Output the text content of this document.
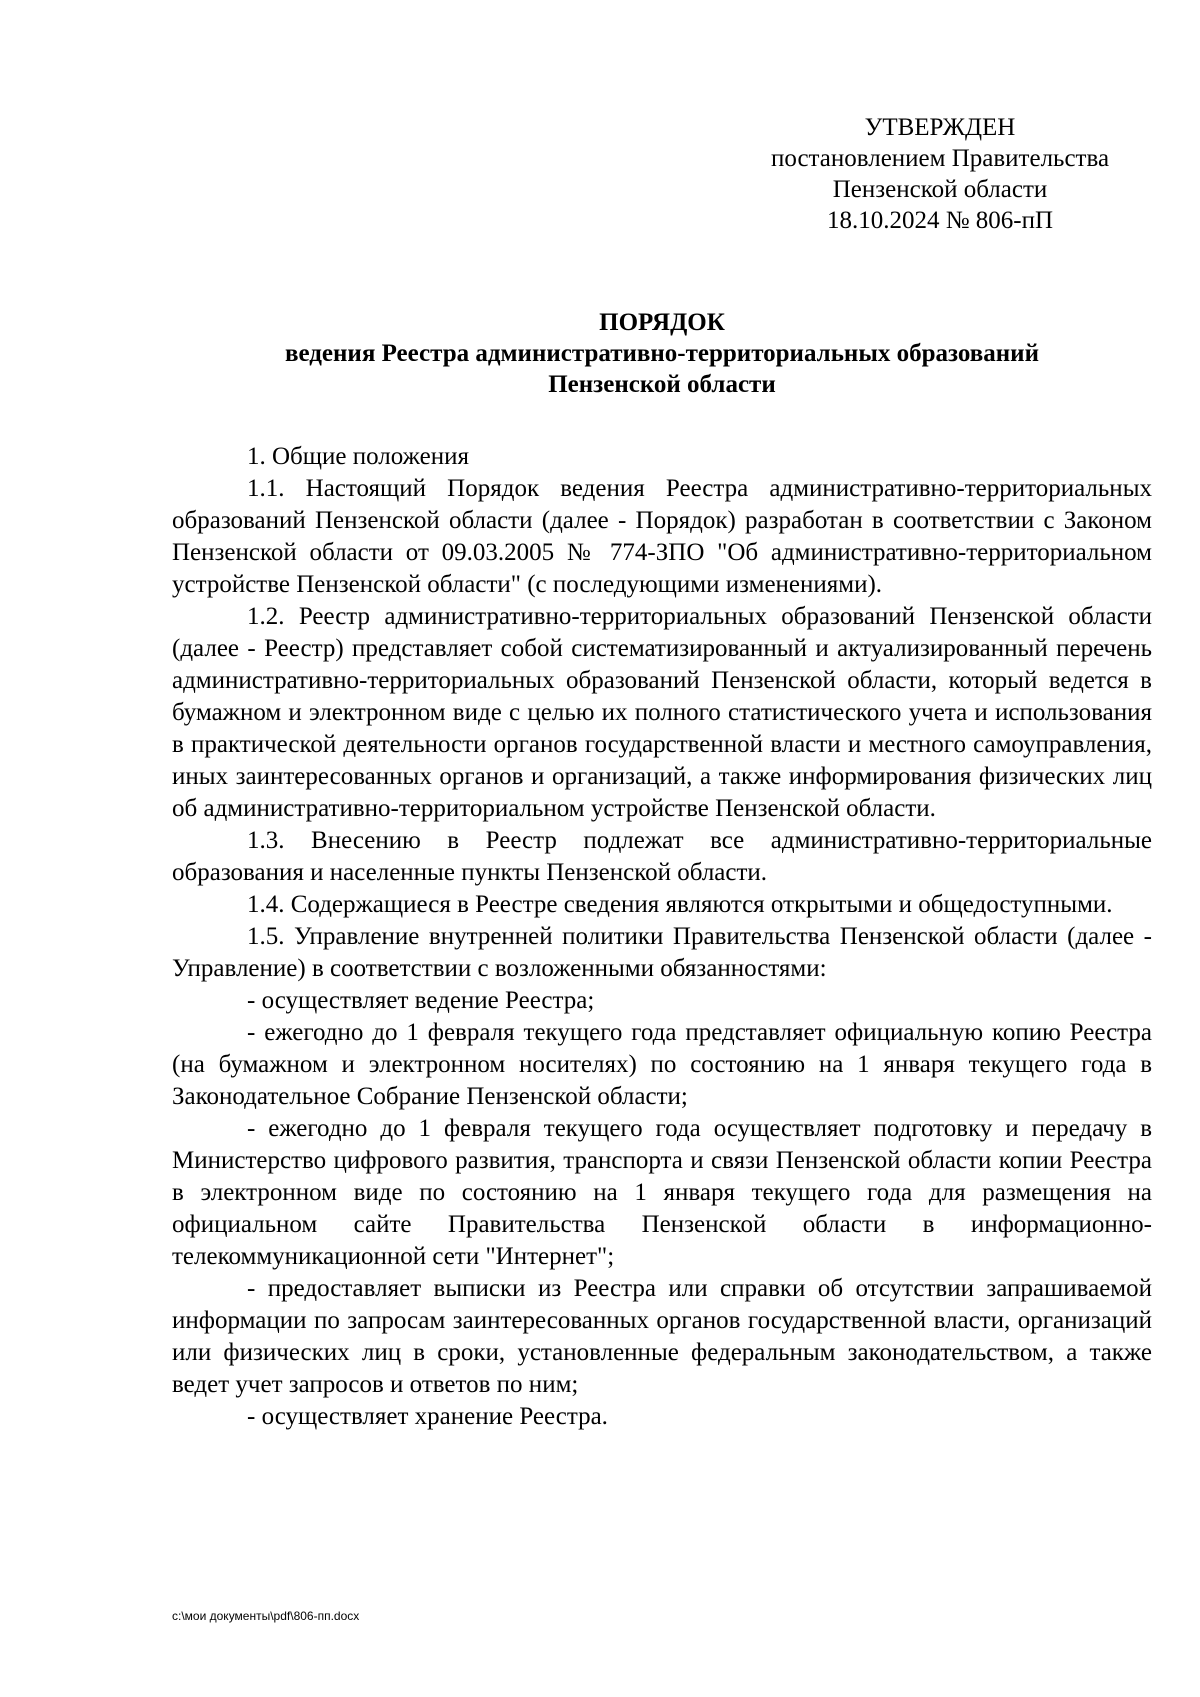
УТВЕРЖДЕН
постановлением Правительства
Пензенской области
18.10.2024 № 806-пП
ПОРЯДОК
ведения Реестра административно-территориальных образований
Пензенской области

1. Общие положения

1.1. Настоящий Порядок ведения Реестра административно-территориальных образований Пензенской области (далее - Порядок) разработан в соответствии с Законом Пензенской области от 09.03.2005 № 774-ЗПО "Об административно-территориальном устройстве Пензенской области" (с последующими изменениями).

1.2. Реестр административно-территориальных образований Пензенской области (далее - Реестр) представляет собой систематизированный и актуализированный перечень административно-территориальных образований Пензенской области, который ведется в бумажном и электронном виде с целью их полного статистического учета и использования в практической деятельности органов государственной власти и местного самоуправления, иных заинтересованных органов и организаций, а также информирования физических лиц об административно-территориальном устройстве Пензенской области.

1.3. Внесению в Реестр подлежат все административно-территориальные образования и населенные пункты Пензенской области.

1.4. Содержащиеся в Реестре сведения являются открытыми и общедоступными.

1.5. Управление внутренней политики Правительства Пензенской области (далее - Управление) в соответствии с возложенными обязанностями:

- осуществляет ведение Реестра;

- ежегодно до 1 февраля текущего года представляет официальную копию Реестра (на бумажном и электронном носителях) по состоянию на 1 января текущего года в Законодательное Собрание Пензенской области;

- ежегодно до 1 февраля текущего года осуществляет подготовку и передачу в Министерство цифрового развития, транспорта и связи Пензенской области копии Реестра в электронном виде по состоянию на 1 января текущего года для размещения на официальном сайте Правительства Пензенской области в информационно-телекоммуникационной сети "Интернет";

- предоставляет выписки из Реестра или справки об отсутствии запрашиваемой информации по запросам заинтересованных органов государственной власти, организаций или физических лиц в сроки, установленные федеральным законодательством, а также ведет учет запросов и ответов по ним;

- осуществляет хранение Реестра.

c:\мои документы\pdf\806-пп.docx
